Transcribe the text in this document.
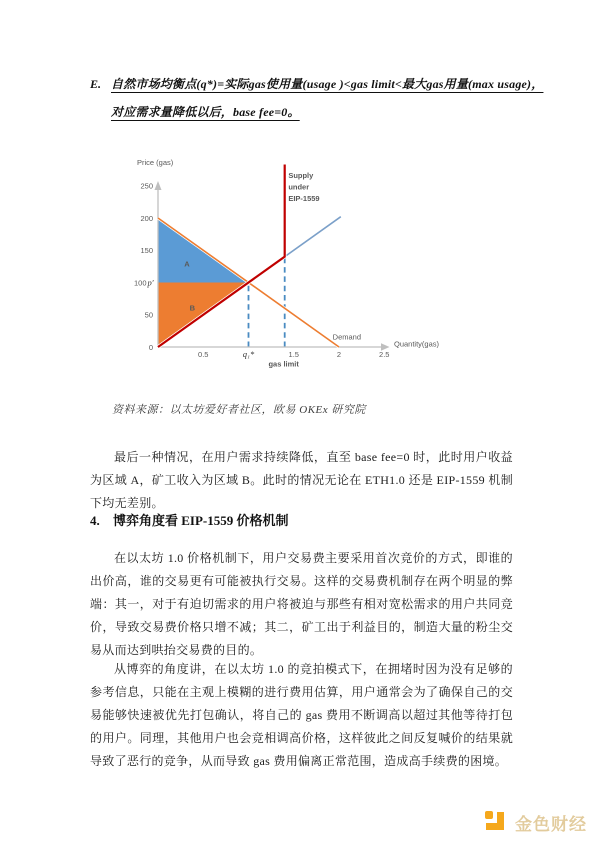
E. 自然市场均衡点(q*)=实际gas使用量(usage )<gas limit<最大gas用量(max usage)，
对应需求量降低以后，base fee=0。
A
B
Demand
Supply
under
EIP-1559
0
50
100 p′
150
200
250
0.5	q₁*	1.5	2	2.5
gas limit
Price (gas)
Quantity(gas)
资料来源：以太坊爱好者社区，欧易 OKEx 研究院

最后一种情况，在用户需求持续降低，直至 base fee=0 时，此时用户收益为区域 A，矿工收入为区域 B。此时的情况无论在 ETH1.0 还是 EIP-1559 机制下均无差别。

4.	博弈角度看 EIP-1559 价格机制

在以太坊 1.0 价格机制下，用户交易费主要采用首次竞价的方式，即谁的出价高，谁的交易更有可能被执行交易。这样的交易费机制存在两个明显的弊端：其一，对于有迫切需求的用户将被迫与那些有相对宽松需求的用户共同竞价，导致交易费价格只增不减；其二，矿工出于利益目的，制造大量的粉尘交易从而达到哄抬交易费的目的。

从博弈的角度讲，在以太坊 1.0 的竞拍模式下，在拥堵时因为没有足够的参考信息，只能在主观上模糊的进行费用估算，用户通常会为了确保自己的交易能够快速被优先打包确认，将自己的 gas 费用不断调高以超过其他等待打包的用户。同理，其他用户也会竞相调高价格，这样彼此之间反复喊价的结果就导致了恶行的竞争，从而导致 gas 费用偏离正常范围，造成高手续费的困境。

金色财经
